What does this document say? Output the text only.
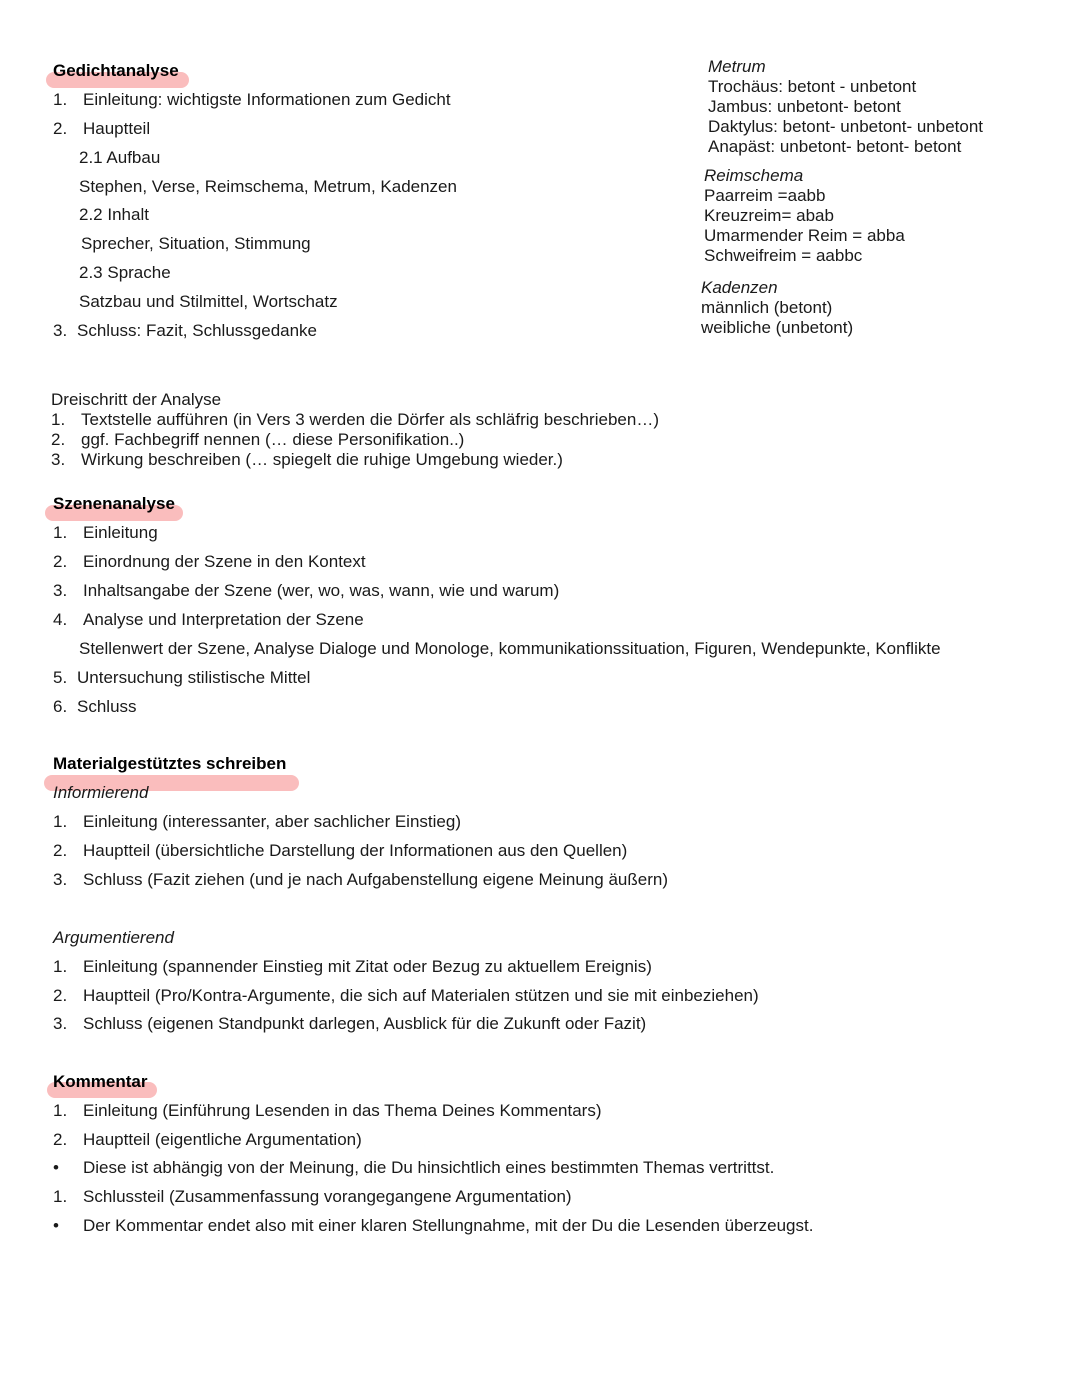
Gedichtanalyse
1. Einleitung: wichtigste Informationen zum Gedicht
2. Hauptteil
2.1 Aufbau
Stephen, Verse, Reimschema, Metrum, Kadenzen
2.2 Inhalt
Sprecher, Situation, Stimmung
2.3 Sprache
Satzbau und Stilmittel, Wortschatz
3. Schluss: Fazit, Schlussgedanke
Metrum
Trochäus: betont - unbetont
Jambus: unbetont- betont
Daktylus: betont- unbetont- unbetont
Anapäst: unbetont- betont- betont
Reimschema
Paarreim =aabb
Kreuzreim= abab
Umarmender Reim = abba
Schweifreim = aabbc
Kadenzen
männlich (betont)
weibliche (unbetont)
Dreischritt der Analyse
1. Textstelle aufführen (in Vers 3 werden die Dörfer als schläfrig beschrieben…)
2. ggf. Fachbegriff nennen (… diese Personifikation..)
3. Wirkung beschreiben (… spiegelt die ruhige Umgebung wieder.)
Szenenanalyse
1. Einleitung
2. Einordnung der Szene in den Kontext
3. Inhaltsangabe der Szene (wer, wo, was, wann, wie und warum)
4. Analyse und Interpretation der Szene
Stellenwert der Szene, Analyse Dialoge und Monologe, kommunikationssituation, Figuren, Wendepunkte, Konflikte
5. Untersuchung stilistische Mittel
6. Schluss
Materialgestütztes schreiben
Informierend
1. Einleitung (interessanter, aber sachlicher Einstieg)
2. Hauptteil (übersichtliche Darstellung der Informationen aus den Quellen)
3. Schluss (Fazit ziehen (und je nach Aufgabenstellung eigene Meinung äußern)
Argumentierend
1. Einleitung (spannender Einstieg mit Zitat oder Bezug zu aktuellem Ereignis)
2. Hauptteil (Pro/Kontra-Argumente, die sich auf Materialen stützen und sie mit einbeziehen)
3. Schluss (eigenen Standpunkt darlegen, Ausblick für die Zukunft oder Fazit)
Kommentar
1. Einleitung (Einführung Lesenden in das Thema Deines Kommentars)
2. Hauptteil (eigentliche Argumentation)
• Diese ist abhängig von der Meinung, die Du hinsichtlich eines bestimmten Themas vertrittst.
1. Schlussteil (Zusammenfassung vorangegangene Argumentation)
• Der Kommentar endet also mit einer klaren Stellungnahme, mit der Du die Lesenden überzeugst.
